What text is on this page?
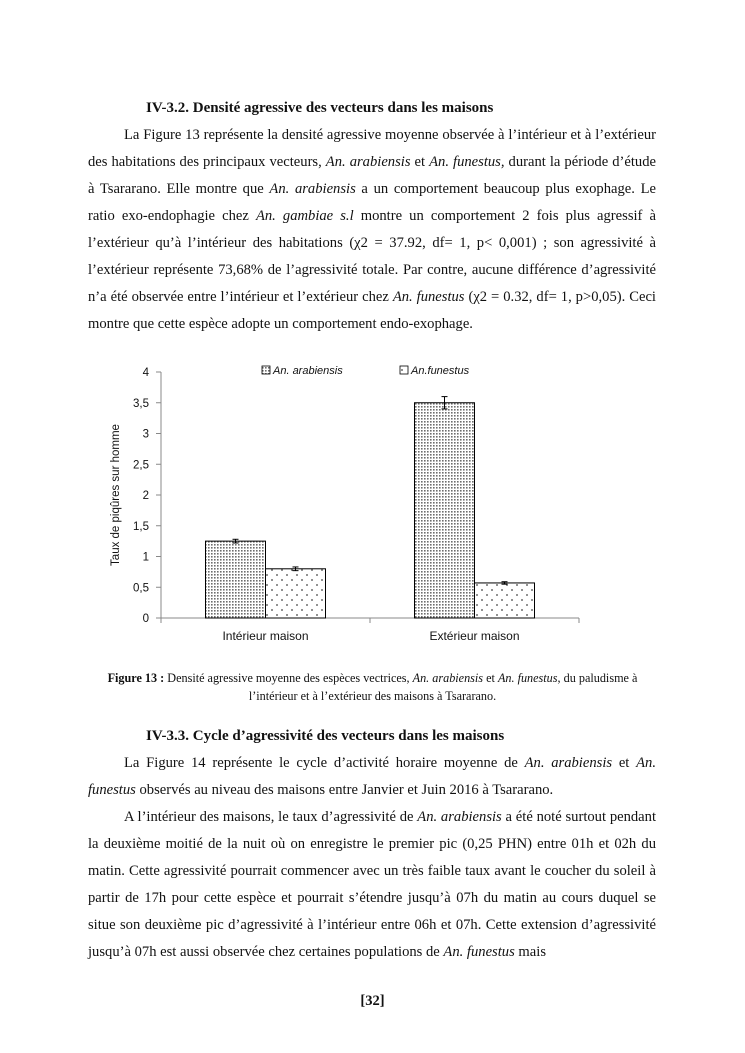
IV-3.2. Densité agressive des vecteurs dans les maisons

La Figure 13 représente la densité agressive moyenne observée à l’intérieur et à l’extérieur des habitations des principaux vecteurs, An. arabiensis et An. funestus, durant la période d’étude à Tsararano. Elle montre que An. arabiensis a un comportement beaucoup plus exophage. Le ratio exo-endophagie chez An. gambiae s.l montre un comportement 2 fois plus agressif à l’extérieur qu’à l’intérieur des habitations (χ2 = 37.92, df= 1, p< 0,001) ; son agressivité à l’extérieur représente 73,68% de l’agressivité totale. Par contre, aucune différence d’agressivité n’a été observée entre l’intérieur et l’extérieur chez An. funestus (χ2 = 0.32, df= 1, p>0,05). Ceci montre que cette espèce adopte un comportement endo-exophage.

0
0,5
1
1,5
2
2,5
3
3,5
4
Intérieur maison	Extérieur maison
An. arabiensis	An.funestus
Taux de piqûres sur homme

Figure 13 : Densité agressive moyenne des espèces vectrices, An. arabiensis et An. funestus, du paludisme à l’intérieur et à l’extérieur des maisons à Tsararano.

IV-3.3. Cycle d’agressivité des vecteurs dans les maisons

La Figure 14 représente le cycle d’activité horaire moyenne de An. arabiensis et An. funestus observés au niveau des maisons entre Janvier et Juin 2016 à Tsararano.

A l’intérieur des maisons, le taux d’agressivité de An. arabiensis a été noté surtout pendant la deuxième moitié de la nuit où on enregistre le premier pic (0,25 PHN) entre 01h et 02h du matin. Cette agressivité pourrait commencer avec un très faible taux avant le coucher du soleil à partir de 17h pour cette espèce et pourrait s’étendre jusqu’à 07h du matin au cours duquel se situe son deuxième pic d’agressivité à l’intérieur entre 06h et 07h. Cette extension d’agressivité jusqu’à 07h est aussi observée chez certaines populations de An. funestus mais

[32]
